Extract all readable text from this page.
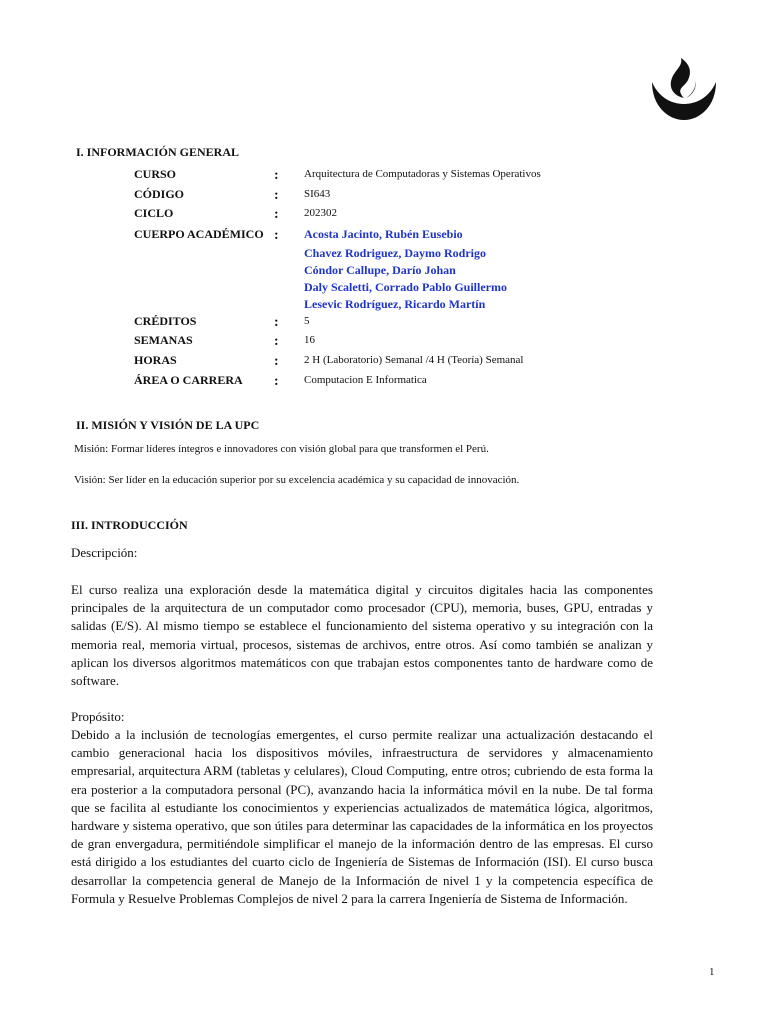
I. INFORMACIÓN GENERAL
CURSO	: Arquitectura de Computadoras y Sistemas Operativos
CÓDIGO	: SI643
CICLO	: 202302
CUERPO ACADÉMICO : Acosta Jacinto, Rubén Eusebio
Chavez Rodriguez, Daymo Rodrigo
Cóndor Callupe, Darío Johan
Daly Scaletti, Corrado Pablo Guillermo
Lesevic Rodríguez, Ricardo Martín
CRÉDITOS	: 5
SEMANAS	: 16
HORAS	: 2 H (Laboratorio) Semanal /4 H (Teoría) Semanal
ÁREA O CARRERA : Computacion E Informatica
II. MISIÓN Y VISIÓN DE LA UPC
Misión: Formar líderes íntegros e innovadores con visión global para que transformen el Perú.
Visión: Ser líder en la educación superior por su excelencia académica y su capacidad de innovación.
III. INTRODUCCIÓN
Descripción:

El curso realiza una exploración desde la matemática digital y circuitos digitales hacia las componentes principales de la arquitectura de un computador como procesador (CPU), memoria, buses, GPU, entradas y salidas (E/S). Al mismo tiempo se establece el funcionamiento del sistema operativo y su integración con la memoria real, memoria virtual, procesos, sistemas de archivos, entre otros. Así como también se analizan y aplican los diversos algoritmos matemáticos con que trabajan estos componentes tanto de hardware como de software.

Propósito:

Debido a la inclusión de tecnologías emergentes, el curso permite realizar una actualización destacando el cambio generacional hacia los dispositivos móviles, infraestructura de servidores y almacenamiento empresarial, arquitectura ARM (tabletas y celulares), Cloud Computing, entre otros; cubriendo de esta forma la era posterior a la computadora personal (PC), avanzando hacia la informática móvil en la nube. De tal forma que se facilita al estudiante los conocimientos y experiencias actualizados de matemática lógica, algoritmos, hardware y sistema operativo, que son útiles para determinar las capacidades de la informática en los proyectos de gran envergadura, permitiéndole simplificar el manejo de la información dentro de las empresas. El curso está dirigido a los estudiantes del cuarto ciclo de Ingeniería de Sistemas de Información (ISI). El curso busca desarrollar la competencia general de Manejo de la Información de nivel 1 y la competencia específica de Formula y Resuelve Problemas Complejos de nivel 2 para la carrera Ingeniería de Sistema de Información.

1
